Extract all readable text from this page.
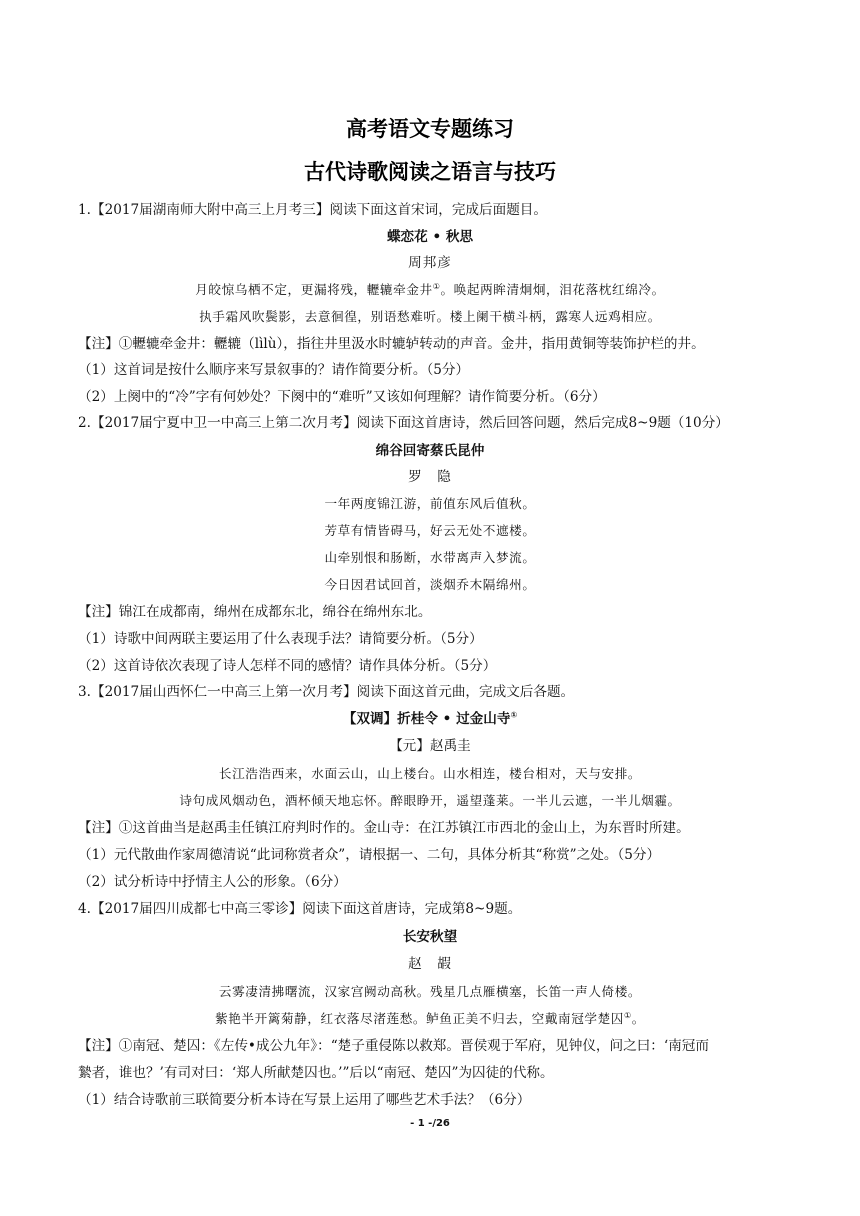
高考语文专题练习
古代诗歌阅读之语言与技巧
1.【2017届湖南师大附中高三上月考三】阅读下面这首宋词，完成后面题目。
蝶恋花 • 秋思
周邦彦
月皎惊乌栖不定，更漏将残，轣辘牵金井①。唤起两眸清炯炯，泪花落枕红绵冷。
执手霜风吹鬓影，去意徊徨，别语愁难听。楼上阑干横斗柄，露寒人远鸡相应。
【注】①轣辘牵金井：轣辘（lìlù），指往井里汲水时辘轳转动的声音。金井，指用黄铜等装饰护栏的井。
（1）这首词是按什么顺序来写景叙事的？请作简要分析。（5分）
（2）上阕中的“冷”字有何妙处？下阕中的“难听”又该如何理解？请作简要分析。（6分）
2.【2017届宁夏中卫一中高三上第二次月考】阅读下面这首唐诗，然后回答问题，然后完成8~9题（10分）
绵谷回寄蔡氏昆仲
罗　隐
一年两度锦江游，前值东风后值秋。
芳草有情皆碍马，好云无处不遮楼。
山牵别恨和肠断，水带离声入梦流。
今日因君试回首，淡烟乔木隔绵州。
【注】锦江在成都南，绵州在成都东北，绵谷在绵州东北。
（1）诗歌中间两联主要运用了什么表现手法？请简要分析。（5分）
（2）这首诗依次表现了诗人怎样不同的感情？请作具体分析。（5分）
3.【2017届山西怀仁一中高三上第一次月考】阅读下面这首元曲，完成文后各题。
【双调】折桂令 • 过金山寺①
【元】赵禹圭
长江浩浩西来，水面云山，山上楼台。山水相连，楼台相对，天与安排。
诗句成风烟动色，酒杯倾天地忘怀。醉眼睁开，遥望蓬莱。一半儿云遮，一半儿烟霾。
【注】①这首曲当是赵禹圭任镇江府判时作的。金山寺：在江苏镇江市西北的金山上，为东晋时所建。
（1）元代散曲作家周德清说“此词称赏者众”，请根据一、二句，具体分析其“称赏”之处。（5分）
（2）试分析诗中抒情主人公的形象。（6分）
4.【2017届四川成都七中高三零诊】阅读下面这首唐诗，完成第8~9题。
长安秋望
赵　嘏
云雾凄清拂曙流，汉家宫阙动高秋。残星几点雁横塞，长笛一声人倚楼。
紫艳半开篱菊静，红衣落尽渚莲愁。鲈鱼正美不归去，空戴南冠学楚囚①。
【注】①南冠、楚囚：《左传•成公九年》：“楚子重侵陈以救郑。晋侯观于军府，见钟仪，问之曰：‘南冠而
縶者，谁也？’有司对曰：‘郑人所献楚囚也。’”后以“南冠、楚囚”为囚徒的代称。
（1）结合诗歌前三联简要分析本诗在写景上运用了哪些艺术手法？（6分）
- 1 -/26
